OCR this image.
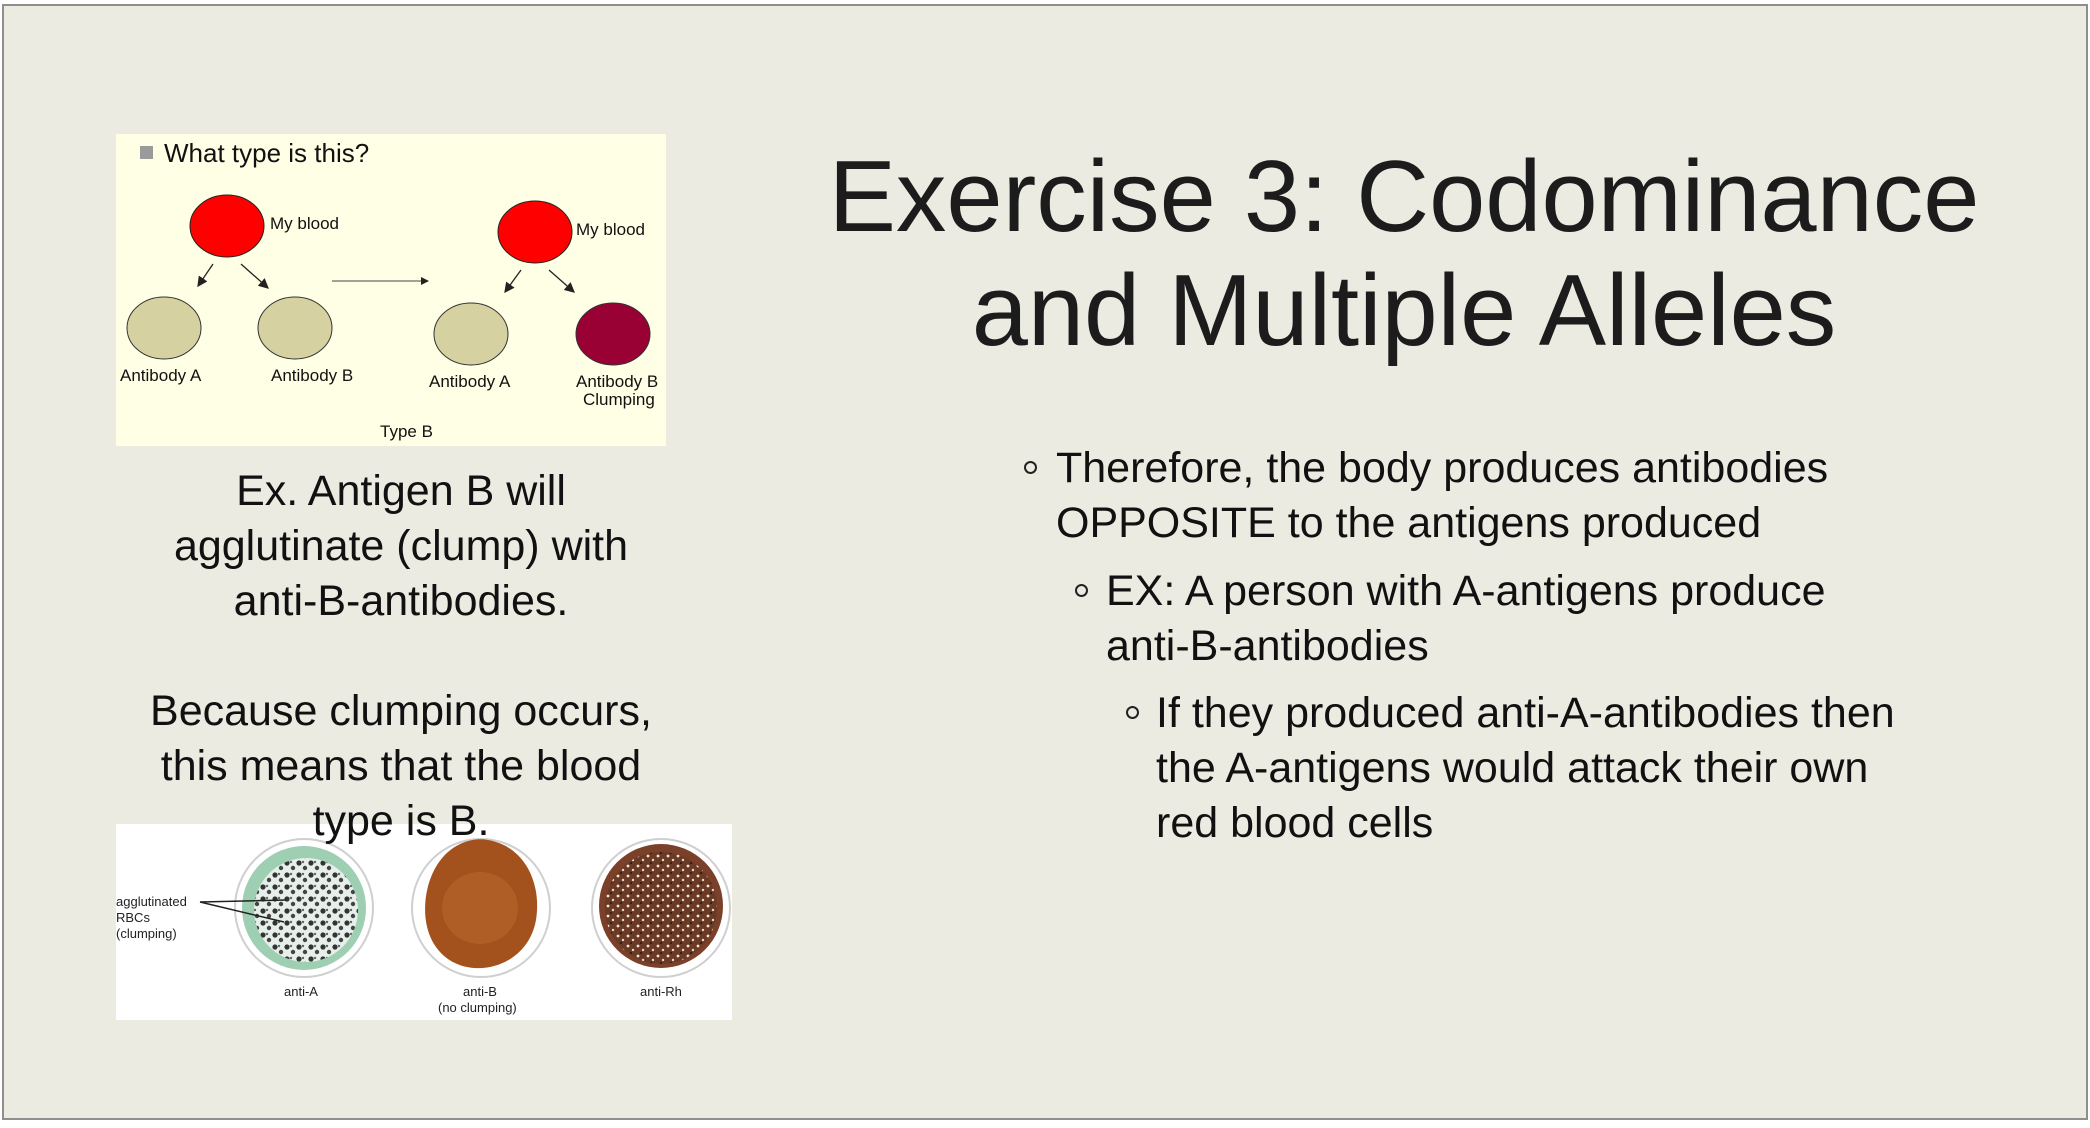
What type is this?
My blood	My blood
Antibody A	Antibody B	Antibody A	Antibody B
Clumping
Type B
Ex. Antigen B will
agglutinate (clump) with
anti-B-antibodies.
Because clumping occurs,
agglutinated
RBCs
(clumping)
anti-A	anti-B
(no clumping)
anti-Rh
this means that the blood
type is B.
Exercise 3: Codominance and Multiple Alleles
Therefore, the body produces antibodies
OPPOSITE to the antigens produced
EX: A person with A-antigens produce
anti-B-antibodies
If they produced anti-A-antibodies then
the A-antigens would attack their own
red blood cells
